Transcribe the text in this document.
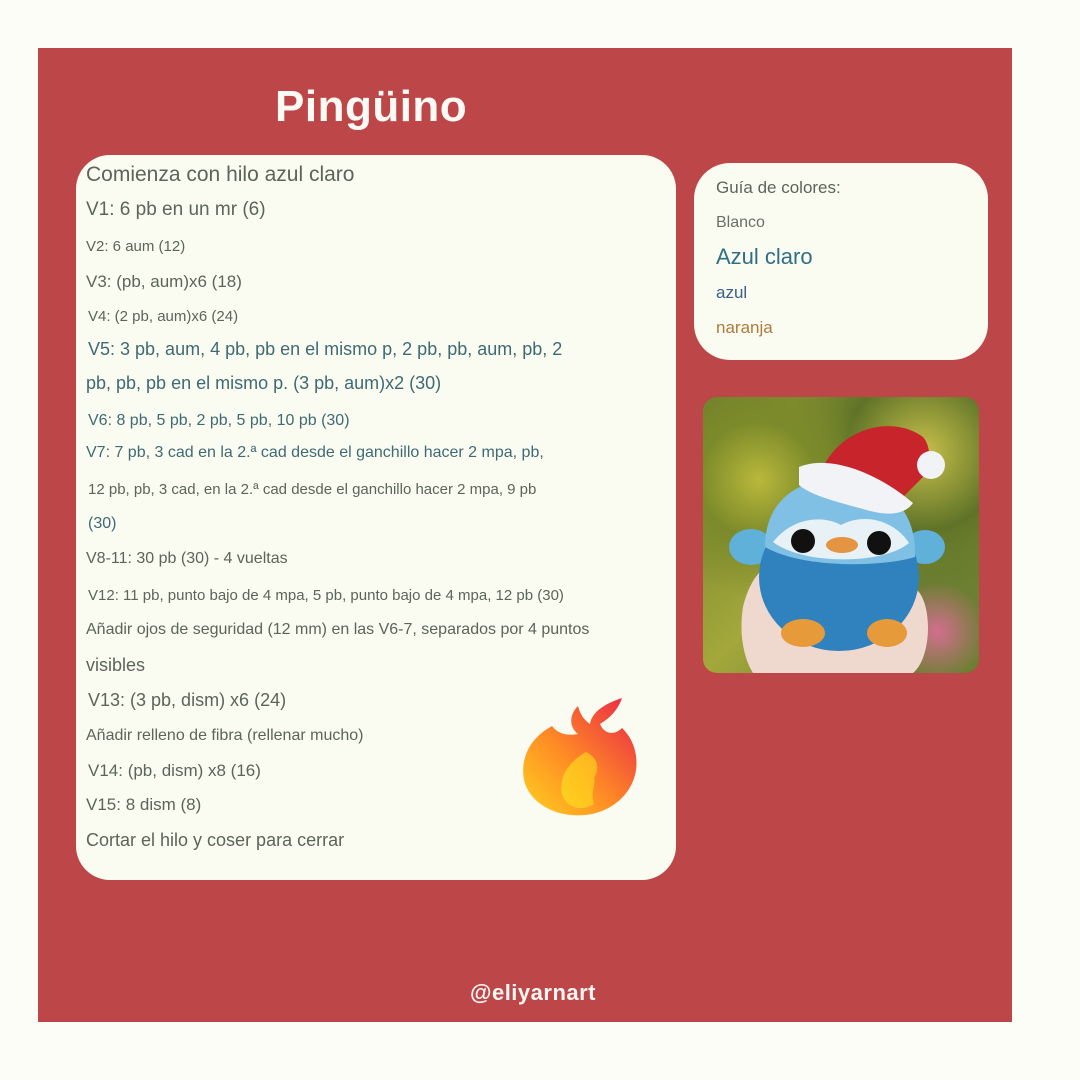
Pingüino
Comienza con hilo azul claro
V1: 6 pb en un mr (6)
V2: 6 aum (12)
V3: (pb, aum)x6 (18)
V4: (2 pb, aum)x6 (24)
V5: 3 pb, aum, 4 pb, pb en el mismo p, 2 pb, pb, aum, pb, 2
pb, pb, pb en el mismo p. (3 pb, aum)x2 (30)
V6: 8 pb, 5 pb, 2 pb, 5 pb, 10 pb (30)
V7: 7 pb, 3 cad en la 2.ª cad desde el ganchillo hacer 2 mpa, pb,
12 pb, pb, 3 cad, en la 2.ª cad desde el ganchillo hacer 2 mpa, 9 pb
(30)
V8-11: 30 pb (30) - 4 vueltas
V12: 11 pb, punto bajo de 4 mpa, 5 pb, punto bajo de 4 mpa, 12 pb (30)
Añadir ojos de seguridad (12 mm) en las V6-7, separados por 4 puntos
visibles
V13: (3 pb, dism) x6 (24)
Añadir relleno de fibra (rellenar mucho)
V14: (pb, dism) x8 (16)
V15: 8 dism (8)
Cortar el hilo y coser para cerrar
Guía de colores:
Blanco
Azul claro
azul
naranja
@eliyarnart
